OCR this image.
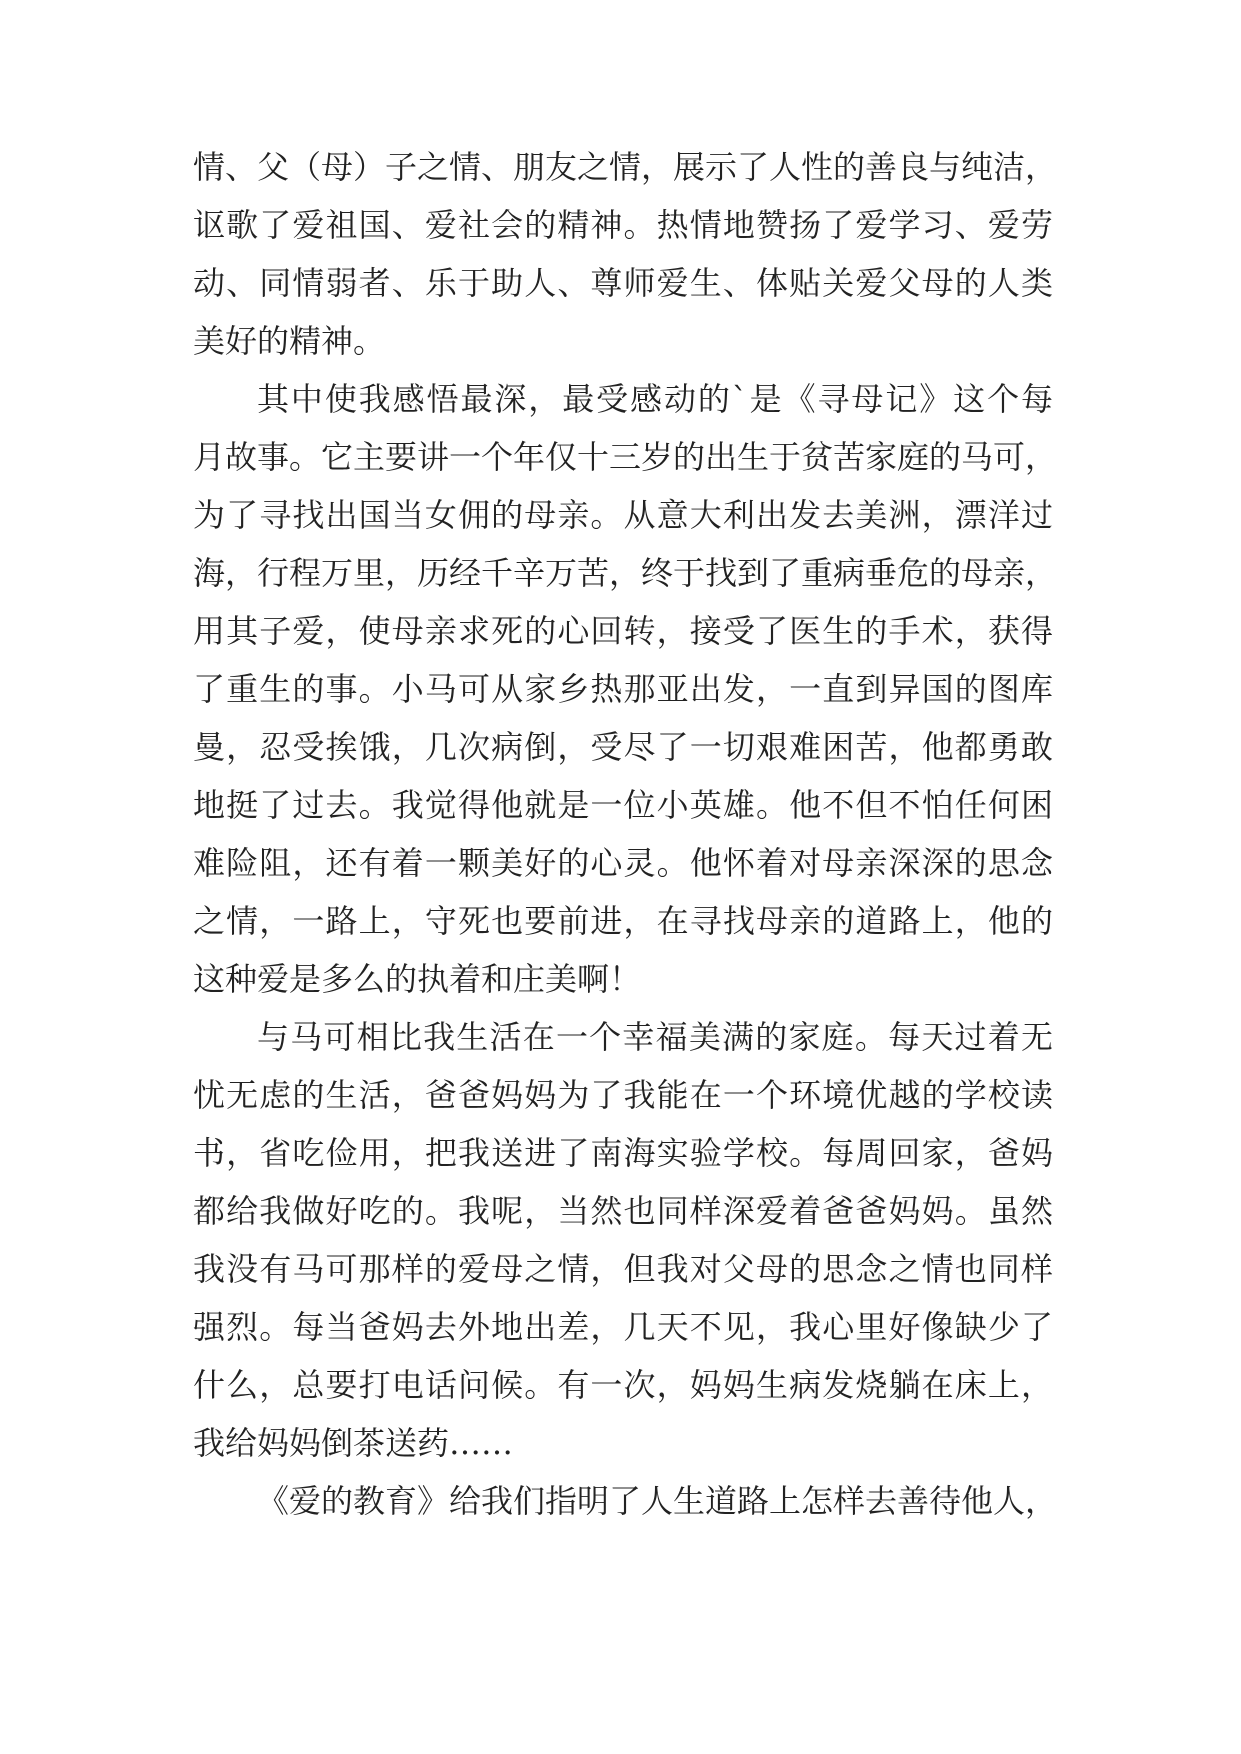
情、父（母）子之情、朋友之情，展示了人性的善良与纯洁，
讴歌了爱祖国、爱社会的精神。热情地赞扬了爱学习、爱劳
动、同情弱者、乐于助人、尊师爱生、体贴关爱父母的人类
美好的精神。
其中使我感悟最深，最受感动的`是《寻母记》这个每
月故事。它主要讲一个年仅十三岁的出生于贫苦家庭的马可，
为了寻找出国当女佣的母亲。从意大利出发去美洲，漂洋过
海，行程万里，历经千辛万苦，终于找到了重病垂危的母亲，
用其子爱，使母亲求死的心回转，接受了医生的手术，获得
了重生的事。小马可从家乡热那亚出发，一直到异国的图库
曼，忍受挨饿，几次病倒，受尽了一切艰难困苦，他都勇敢
地挺了过去。我觉得他就是一位小英雄。他不但不怕任何困
难险阻，还有着一颗美好的心灵。他怀着对母亲深深的思念
之情，一路上，守死也要前进，在寻找母亲的道路上，他的
这种爱是多么的执着和庄美啊！
与马可相比我生活在一个幸福美满的家庭。每天过着无
忧无虑的生活，爸爸妈妈为了我能在一个环境优越的学校读
书，省吃俭用，把我送进了南海实验学校。每周回家，爸妈
都给我做好吃的。我呢，当然也同样深爱着爸爸妈妈。虽然
我没有马可那样的爱母之情，但我对父母的思念之情也同样
强烈。每当爸妈去外地出差，几天不见，我心里好像缺少了
什么，总要打电话问候。有一次，妈妈生病发烧躺在床上，
我给妈妈倒茶送药……
《爱的教育》给我们指明了人生道路上怎样去善待他人，
